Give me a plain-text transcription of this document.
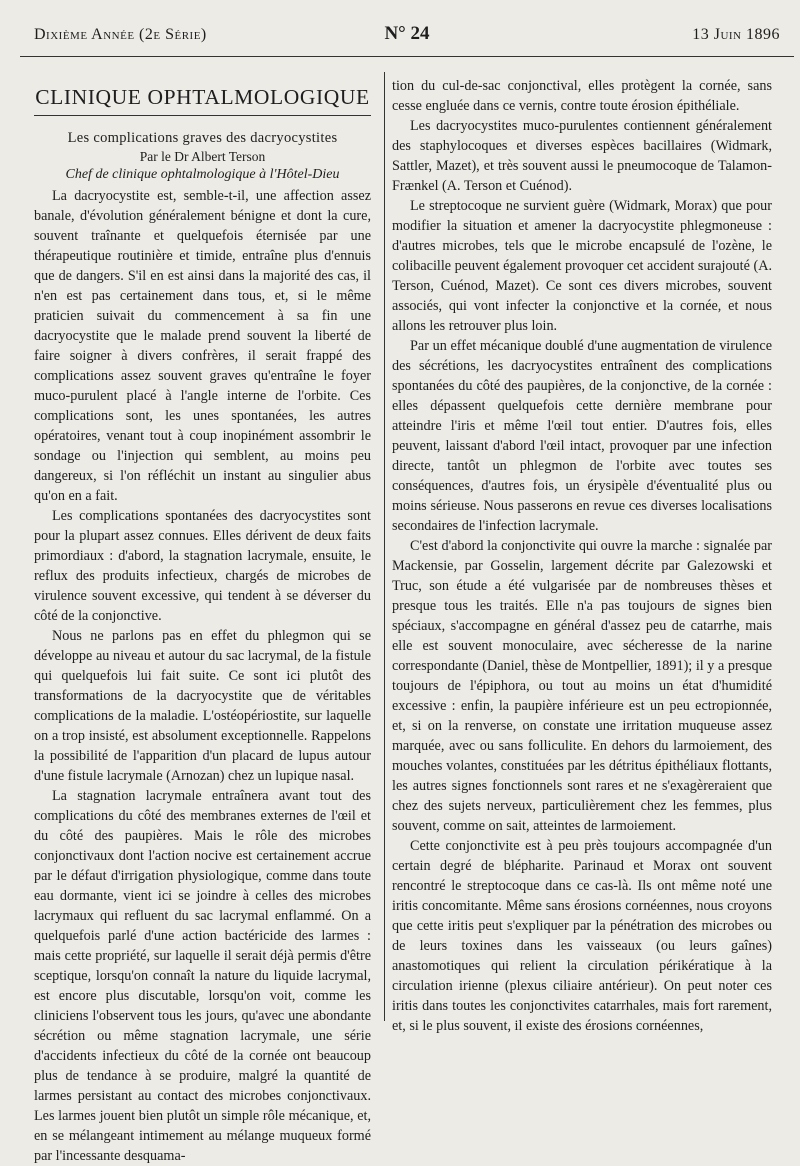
Dixième Année (2e Série)	N° 24	13 Juin 1896
CLINIQUE OPHTALMOLOGIQUE
Les complications graves des dacryocystites
Par le Dr Albert Terson
Chef de clinique ophtalmologique à l'Hôtel-Dieu

La dacryocystite est, semble-t-il, une affection assez banale, d'évolution généralement bénigne et dont la cure, souvent traînante et quelquefois éternisée par une thérapeutique routinière et timide, entraîne plus d'ennuis que de dangers. S'il en est ainsi dans la majorité des cas, il n'en est pas certainement dans tous, et, si le même praticien suivait du commencement à sa fin une dacryocystite que le malade prend souvent la liberté de faire soigner à divers confrères, il serait frappé des complications assez souvent graves qu'entraîne le foyer muco-purulent placé à l'angle interne de l'orbite. Ces complications sont, les unes spontanées, les autres opératoires, venant tout à coup inopinément assombrir le sondage ou l'injection qui semblent, au moins peu dangereux, si l'on réfléchit un instant au singulier abus qu'on en a fait.

Les complications spontanées des dacryocystites sont pour la plupart assez connues. Elles dérivent de deux faits primordiaux : d'abord, la stagnation lacrymale, ensuite, le reflux des produits infectieux, chargés de microbes de virulence souvent excessive, qui tendent à se déverser du côté de la conjonctive.

Nous ne parlons pas en effet du phlegmon qui se développe au niveau et autour du sac lacrymal, de la fistule qui quelquefois lui fait suite. Ce sont ici plutôt des transformations de la dacryocystite que de véritables complications de la maladie. L'ostéopériostite, sur laquelle on a trop insisté, est absolument exceptionnelle. Rappelons la possibilité de l'apparition d'un placard de lupus autour d'une fistule lacrymale (Arnozan) chez un lupique nasal.

La stagnation lacrymale entraînera avant tout des complications du côté des membranes externes de l'œil et du côté des paupières. Mais le rôle des microbes conjonctivaux dont l'action nocive est certainement accrue par le défaut d'irrigation physiologique, comme dans toute eau dormante, vient ici se joindre à celles des microbes lacrymaux qui refluent du sac lacrymal enflammé. On a quelquefois parlé d'une action bactéricide des larmes : mais cette propriété, sur laquelle il serait déjà permis d'être sceptique, lorsqu'on connaît la nature du liquide lacrymal, est encore plus discutable, lorsqu'on voit, comme les cliniciens l'observent tous les jours, qu'avec une abondante sécrétion ou même stagnation lacrymale, une série d'accidents infectieux du côté de la cornée ont beaucoup plus de tendance à se produire, malgré la quantité de larmes persistant au contact des microbes conjonctivaux. Les larmes jouent bien plutôt un simple rôle mécanique, et, en se mélangeant intimement au mélange muqueux formé par l'incessante desquama-

tion du cul-de-sac conjonctival, elles protègent la cornée, sans cesse engluée dans ce vernis, contre toute érosion épithéliale.

Les dacryocystites muco-purulentes contiennent généralement des staphylocoques et diverses espèces bacillaires (Widmark, Sattler, Mazet), et très souvent aussi le pneumocoque de Talamon-Frænkel (A. Terson et Cuénod).

Le streptocoque ne survient guère (Widmark, Morax) que pour modifier la situation et amener la dacryocystite phlegmoneuse : d'autres microbes, tels que le microbe encapsulé de l'ozène, le colibacille peuvent également provoquer cet accident surajouté (A. Terson, Cuénod, Mazet). Ce sont ces divers microbes, souvent associés, qui vont infecter la conjonctive et la cornée, et nous allons les retrouver plus loin.

Par un effet mécanique doublé d'une augmentation de virulence des sécrétions, les dacryocystites entraînent des complications spontanées du côté des paupières, de la conjonctive, de la cornée : elles dépassent quelquefois cette dernière membrane pour atteindre l'iris et même l'œil tout entier. D'autres fois, elles peuvent, laissant d'abord l'œil intact, provoquer par une infection directe, tantôt un phlegmon de l'orbite avec toutes ses conséquences, d'autres fois, un érysipèle d'éventualité plus ou moins sérieuse. Nous passerons en revue ces diverses localisations secondaires de l'infection lacrymale.

C'est d'abord la conjonctivite qui ouvre la marche : signalée par Mackensie, par Gosselin, largement décrite par Galezowski et Truc, son étude a été vulgarisée par de nombreuses thèses et presque tous les traités. Elle n'a pas toujours de signes bien spéciaux, s'accompagne en général d'assez peu de catarrhe, mais elle est souvent monoculaire, avec sécheresse de la narine correspondante (Daniel, thèse de Montpellier, 1891); il y a presque toujours de l'épiphora, ou tout au moins un état d'humidité excessive : enfin, la paupière inférieure est un peu ectropionnée, et, si on la renverse, on constate une irritation muqueuse assez marquée, avec ou sans folliculite. En dehors du larmoiement, des mouches volantes, constituées par les détritus épithéliaux flottants, les autres signes fonctionnels sont rares et ne s'exagèreraient que chez des sujets nerveux, particulièrement chez les femmes, plus souvent, comme on sait, atteintes de larmoiement.

Cette conjonctivite est à peu près toujours accompagnée d'un certain degré de blépharite. Parinaud et Morax ont souvent rencontré le streptocoque dans ce cas-là. Ils ont même noté une iritis concomitante. Même sans érosions cornéennes, nous croyons que cette iritis peut s'expliquer par la pénétration des microbes ou de leurs toxines dans les vaisseaux (ou leurs gaînes) anastomotiques qui relient la circulation périkératique à la circulation irienne (plexus ciliaire antérieur). On peut noter ces iritis dans toutes les conjonctivites catarrhales, mais fort rarement, et, si le plus souvent, il existe des érosions cornéennes,
